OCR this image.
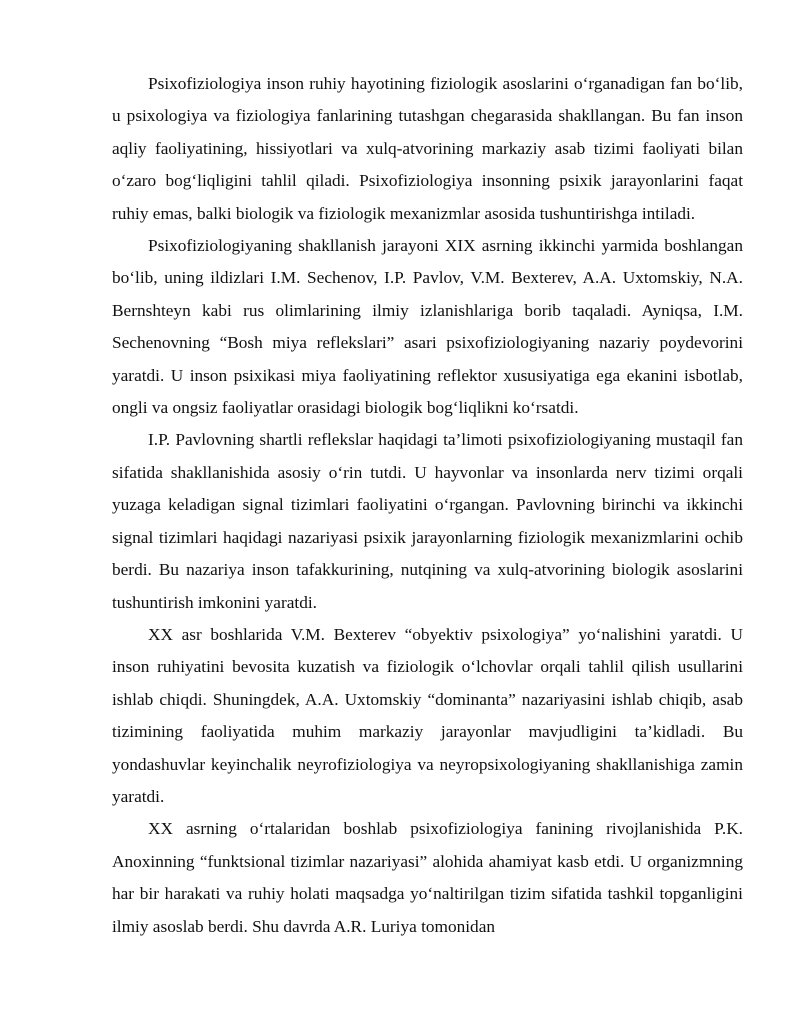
Psixofiziologiya inson ruhiy hayotining fiziologik asoslarini o‘rganadigan fan bo‘lib, u psixologiya va fiziologiya fanlarining tutashgan chegarasida shakllangan. Bu fan inson aqliy faoliyatining, hissiyotlari va xulq-atvorining markaziy asab tizimi faoliyati bilan o‘zaro bog‘liqligini tahlil qiladi. Psixofiziologiya insonning psixik jarayonlarini faqat ruhiy emas, balki biologik va fiziologik mexanizmlar asosida tushuntirishga intiladi.

Psixofiziologiyaning shakllanish jarayoni XIX asrning ikkinchi yarmida boshlangan bo‘lib, uning ildizlari I.M. Sechenov, I.P. Pavlov, V.M. Bexterev, A.A. Uxtomskiy, N.A. Bernshteyn kabi rus olimlarining ilmiy izlanishlariga borib taqaladi. Ayniqsa, I.M. Sechenovning “Bosh miya reflekslari” asari psixofiziologiyaning nazariy poydevorini yaratdi. U inson psixikasi miya faoliyatining reflektor xususiyatiga ega ekanini isbotlab, ongli va ongsiz faoliyatlar orasidagi biologik bog‘liqlikni ko‘rsatdi.

I.P. Pavlovning shartli reflekslar haqidagi ta’limoti psixofiziologiyaning mustaqil fan sifatida shakllanishida asosiy o‘rin tutdi. U hayvonlar va insonlarda nerv tizimi orqali yuzaga keladigan signal tizimlari faoliyatini o‘rgangan. Pavlovning birinchi va ikkinchi signal tizimlari haqidagi nazariyasi psixik jarayonlarning fiziologik mexanizmlarini ochib berdi. Bu nazariya inson tafakkurining, nutqining va xulq-atvorining biologik asoslarini tushuntirish imkonini yaratdi.

XX asr boshlarida V.M. Bexterev “obyektiv psixologiya” yo‘nalishini yaratdi. U inson ruhiyatini bevosita kuzatish va fiziologik o‘lchovlar orqali tahlil qilish usullarini ishlab chiqdi. Shuningdek, A.A. Uxtomskiy “dominanta” nazariyasini ishlab chiqib, asab tizimining faoliyatida muhim markaziy jarayonlar mavjudligini ta’kidladi. Bu yondashuvlar keyinchalik neyrofiziologiya va neyropsixologiyaning shakllanishiga zamin yaratdi.

XX asrning o‘rtalaridan boshlab psixofiziologiya fanining rivojlanishida P.K. Anoxinning “funktsional tizimlar nazariyasi” alohida ahamiyat kasb etdi. U organizmning har bir harakati va ruhiy holati maqsadga yo‘naltirilgan tizim sifatida tashkil topganligini ilmiy asoslab berdi. Shu davrda A.R. Luriya tomonidan
